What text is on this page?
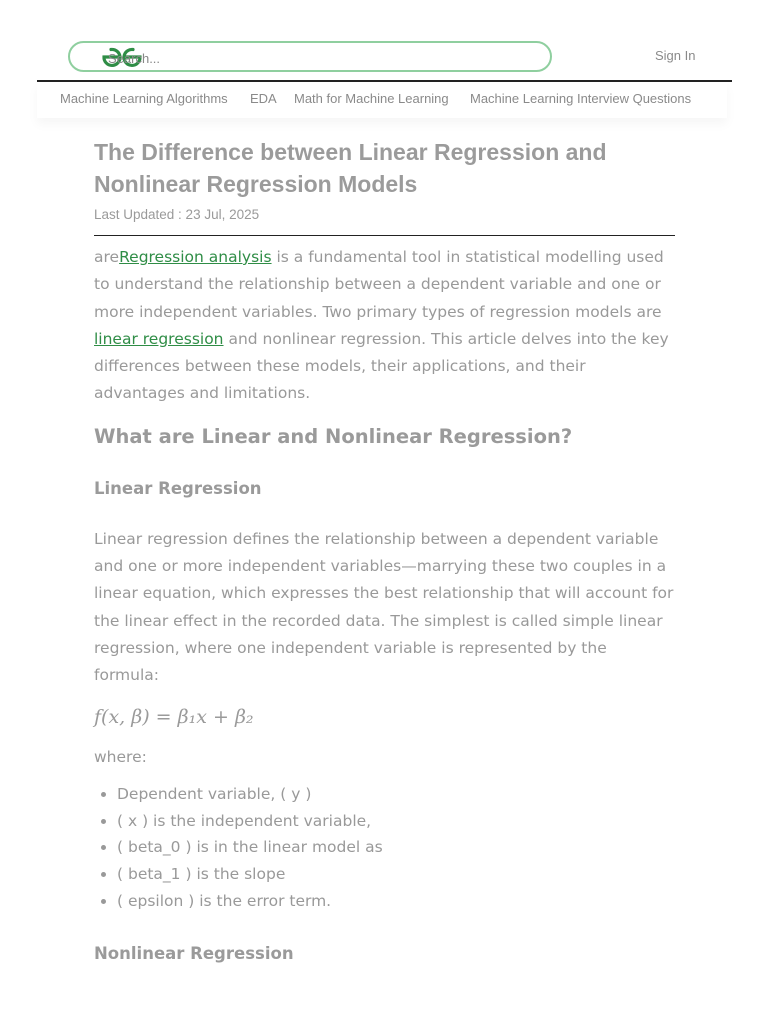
Search...
Sign In
Machine Learning Algorithms EDA Math for Machine Learning Machine Learning Interview Questions
The Difference between Linear Regression and Nonlinear Regression Models
Last Updated : 23 Jul, 2025

areRegression analysis is a fundamental tool in statistical modelling used to understand the relationship between a dependent variable and one or more independent variables. Two primary types of regression models are linear regression and nonlinear regression. This article delves into the key differences between these models, their applications, and their advantages and limitations.

What are Linear and Nonlinear Regression?
Linear Regression

Linear regression defines the relationship between a dependent variable and one or more independent variables—marrying these two couples in a linear equation, which expresses the best relationship that will account for the linear effect in the recorded data. The simplest is called simple linear regression, where one independent variable is represented by the formula:

f(x, β) = β₁x + β₂

where:

• Dependent variable, ( y )
• ( x ) is the independent variable,
• ( beta_0 ) is in the linear model as
• ( beta_1 ) is the slope
• ( epsilon ) is the error term.
Nonlinear Regression
